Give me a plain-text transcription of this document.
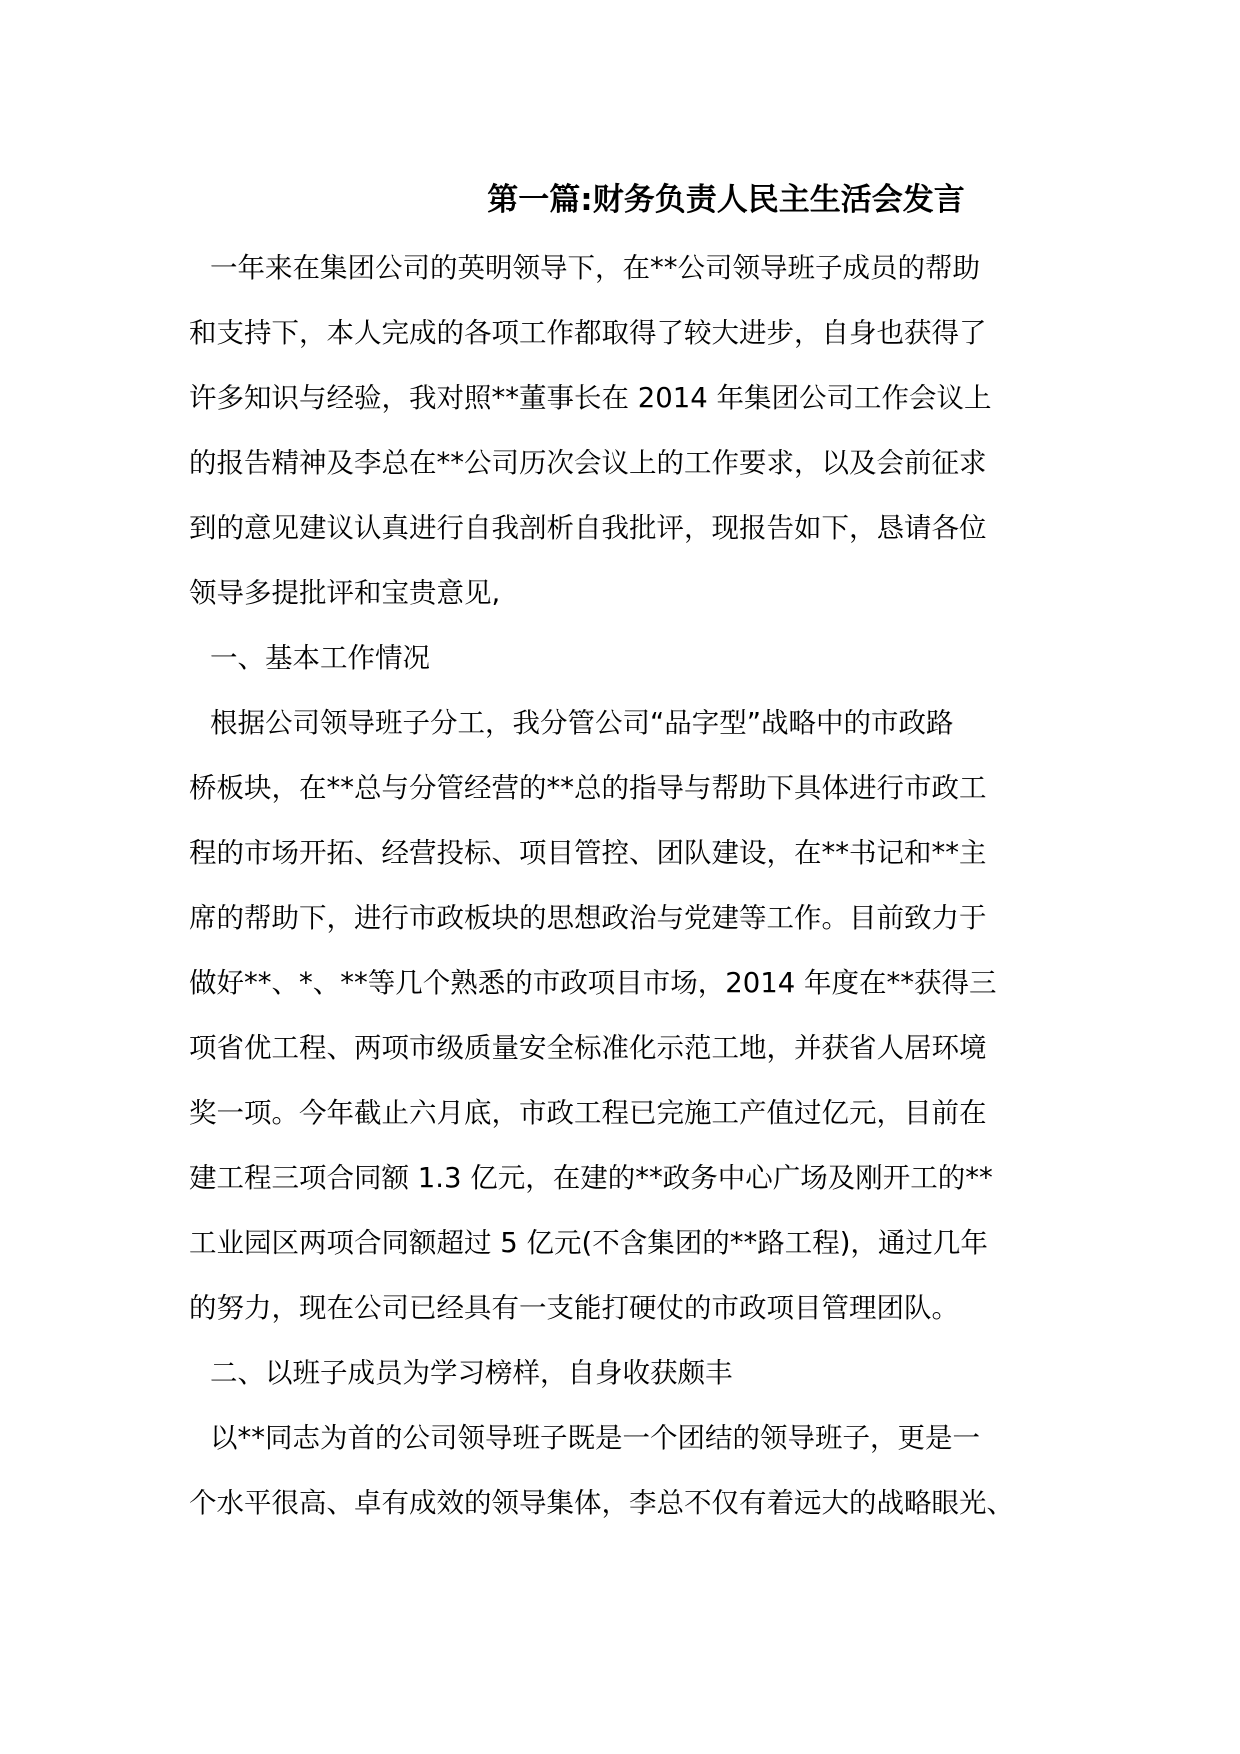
第一篇:财务负责人民主生活会发言
一年来在集团公司的英明领导下，在**公司领导班子成员的帮助
和支持下，本人完成的各项工作都取得了较大进步，自身也获得了
许多知识与经验，我对照**董事长在 2014 年集团公司工作会议上
的报告精神及李总在**公司历次会议上的工作要求，以及会前征求
到的意见建议认真进行自我剖析自我批评，现报告如下，恳请各位
领导多提批评和宝贵意见,
一、基本工作情况
根据公司领导班子分工，我分管公司“品字型”战略中的市政路
桥板块，在**总与分管经营的**总的指导与帮助下具体进行市政工
程的市场开拓、经营投标、项目管控、团队建设，在**书记和**主
席的帮助下，进行市政板块的思想政治与党建等工作。目前致力于
做好**、*、**等几个熟悉的市政项目市场，2014 年度在**获得三
项省优工程、两项市级质量安全标准化示范工地，并获省人居环境
奖一项。今年截止六月底，市政工程已完施工产值过亿元，目前在
建工程三项合同额 1.3 亿元，在建的**政务中心广场及刚开工的**
工业园区两项合同额超过 5 亿元(不含集团的**路工程)，通过几年
的努力，现在公司已经具有一支能打硬仗的市政项目管理团队。
二、以班子成员为学习榜样，自身收获颇丰
以**同志为首的公司领导班子既是一个团结的领导班子，更是一
个水平很高、卓有成效的领导集体，李总不仅有着远大的战略眼光、
